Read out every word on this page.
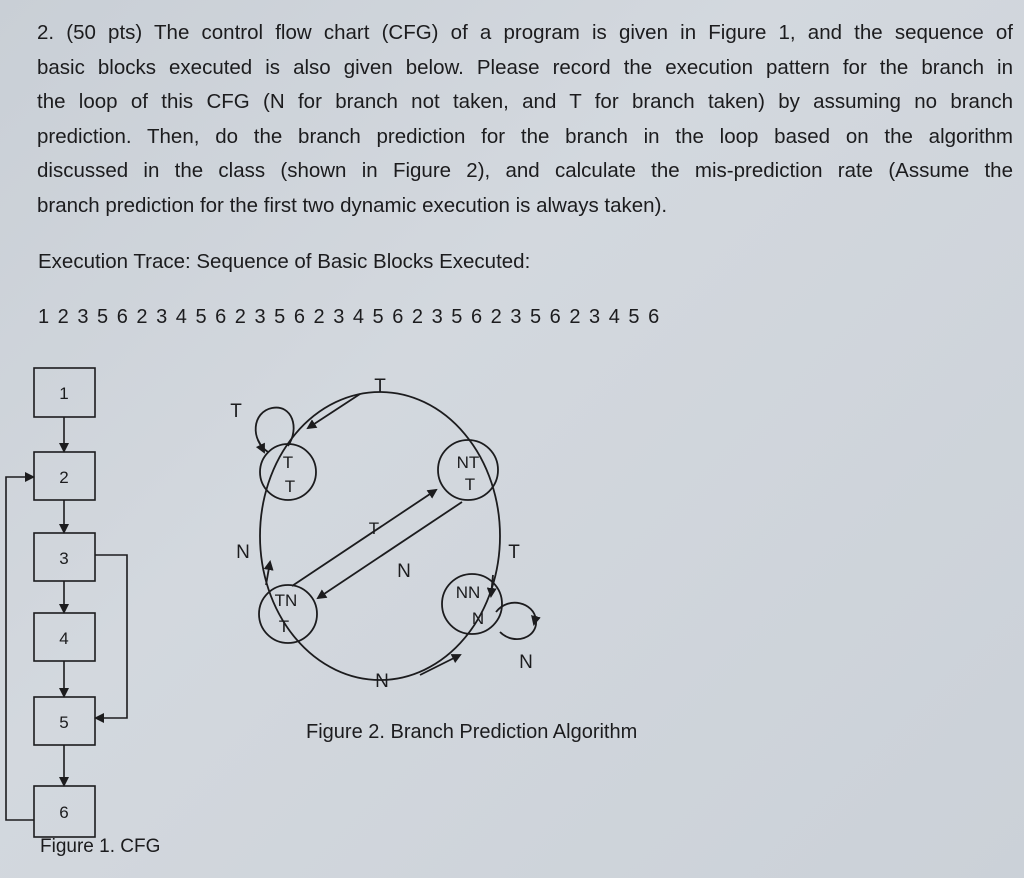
2. (50 pts) The control flow chart (CFG) of a program is given in Figure 1, and the sequence of
basic blocks executed is also given below. Please record the execution pattern for the branch in
the loop of this CFG (N for branch not taken, and T for branch taken) by assuming no branch
prediction. Then, do the branch prediction for the branch in the loop based on the algorithm
discussed in the class (shown in Figure 2), and calculate the mis-prediction rate (Assume the
branch prediction for the first two dynamic execution is always taken).
Execution Trace: Sequence of Basic Blocks Executed:
1 2 3 5 6 2 3 4 5 6 2 3 5 6 2 3 4 5 6 2 3 5 6 2 3 5 6 2 3 4 5 6
1
2
3
4
5
6
T
T
NT
T
TN
T
NN
N
T
T
N	T
N
N
T
N
Figure 1. CFG
Figure 2. Branch Prediction Algorithm
